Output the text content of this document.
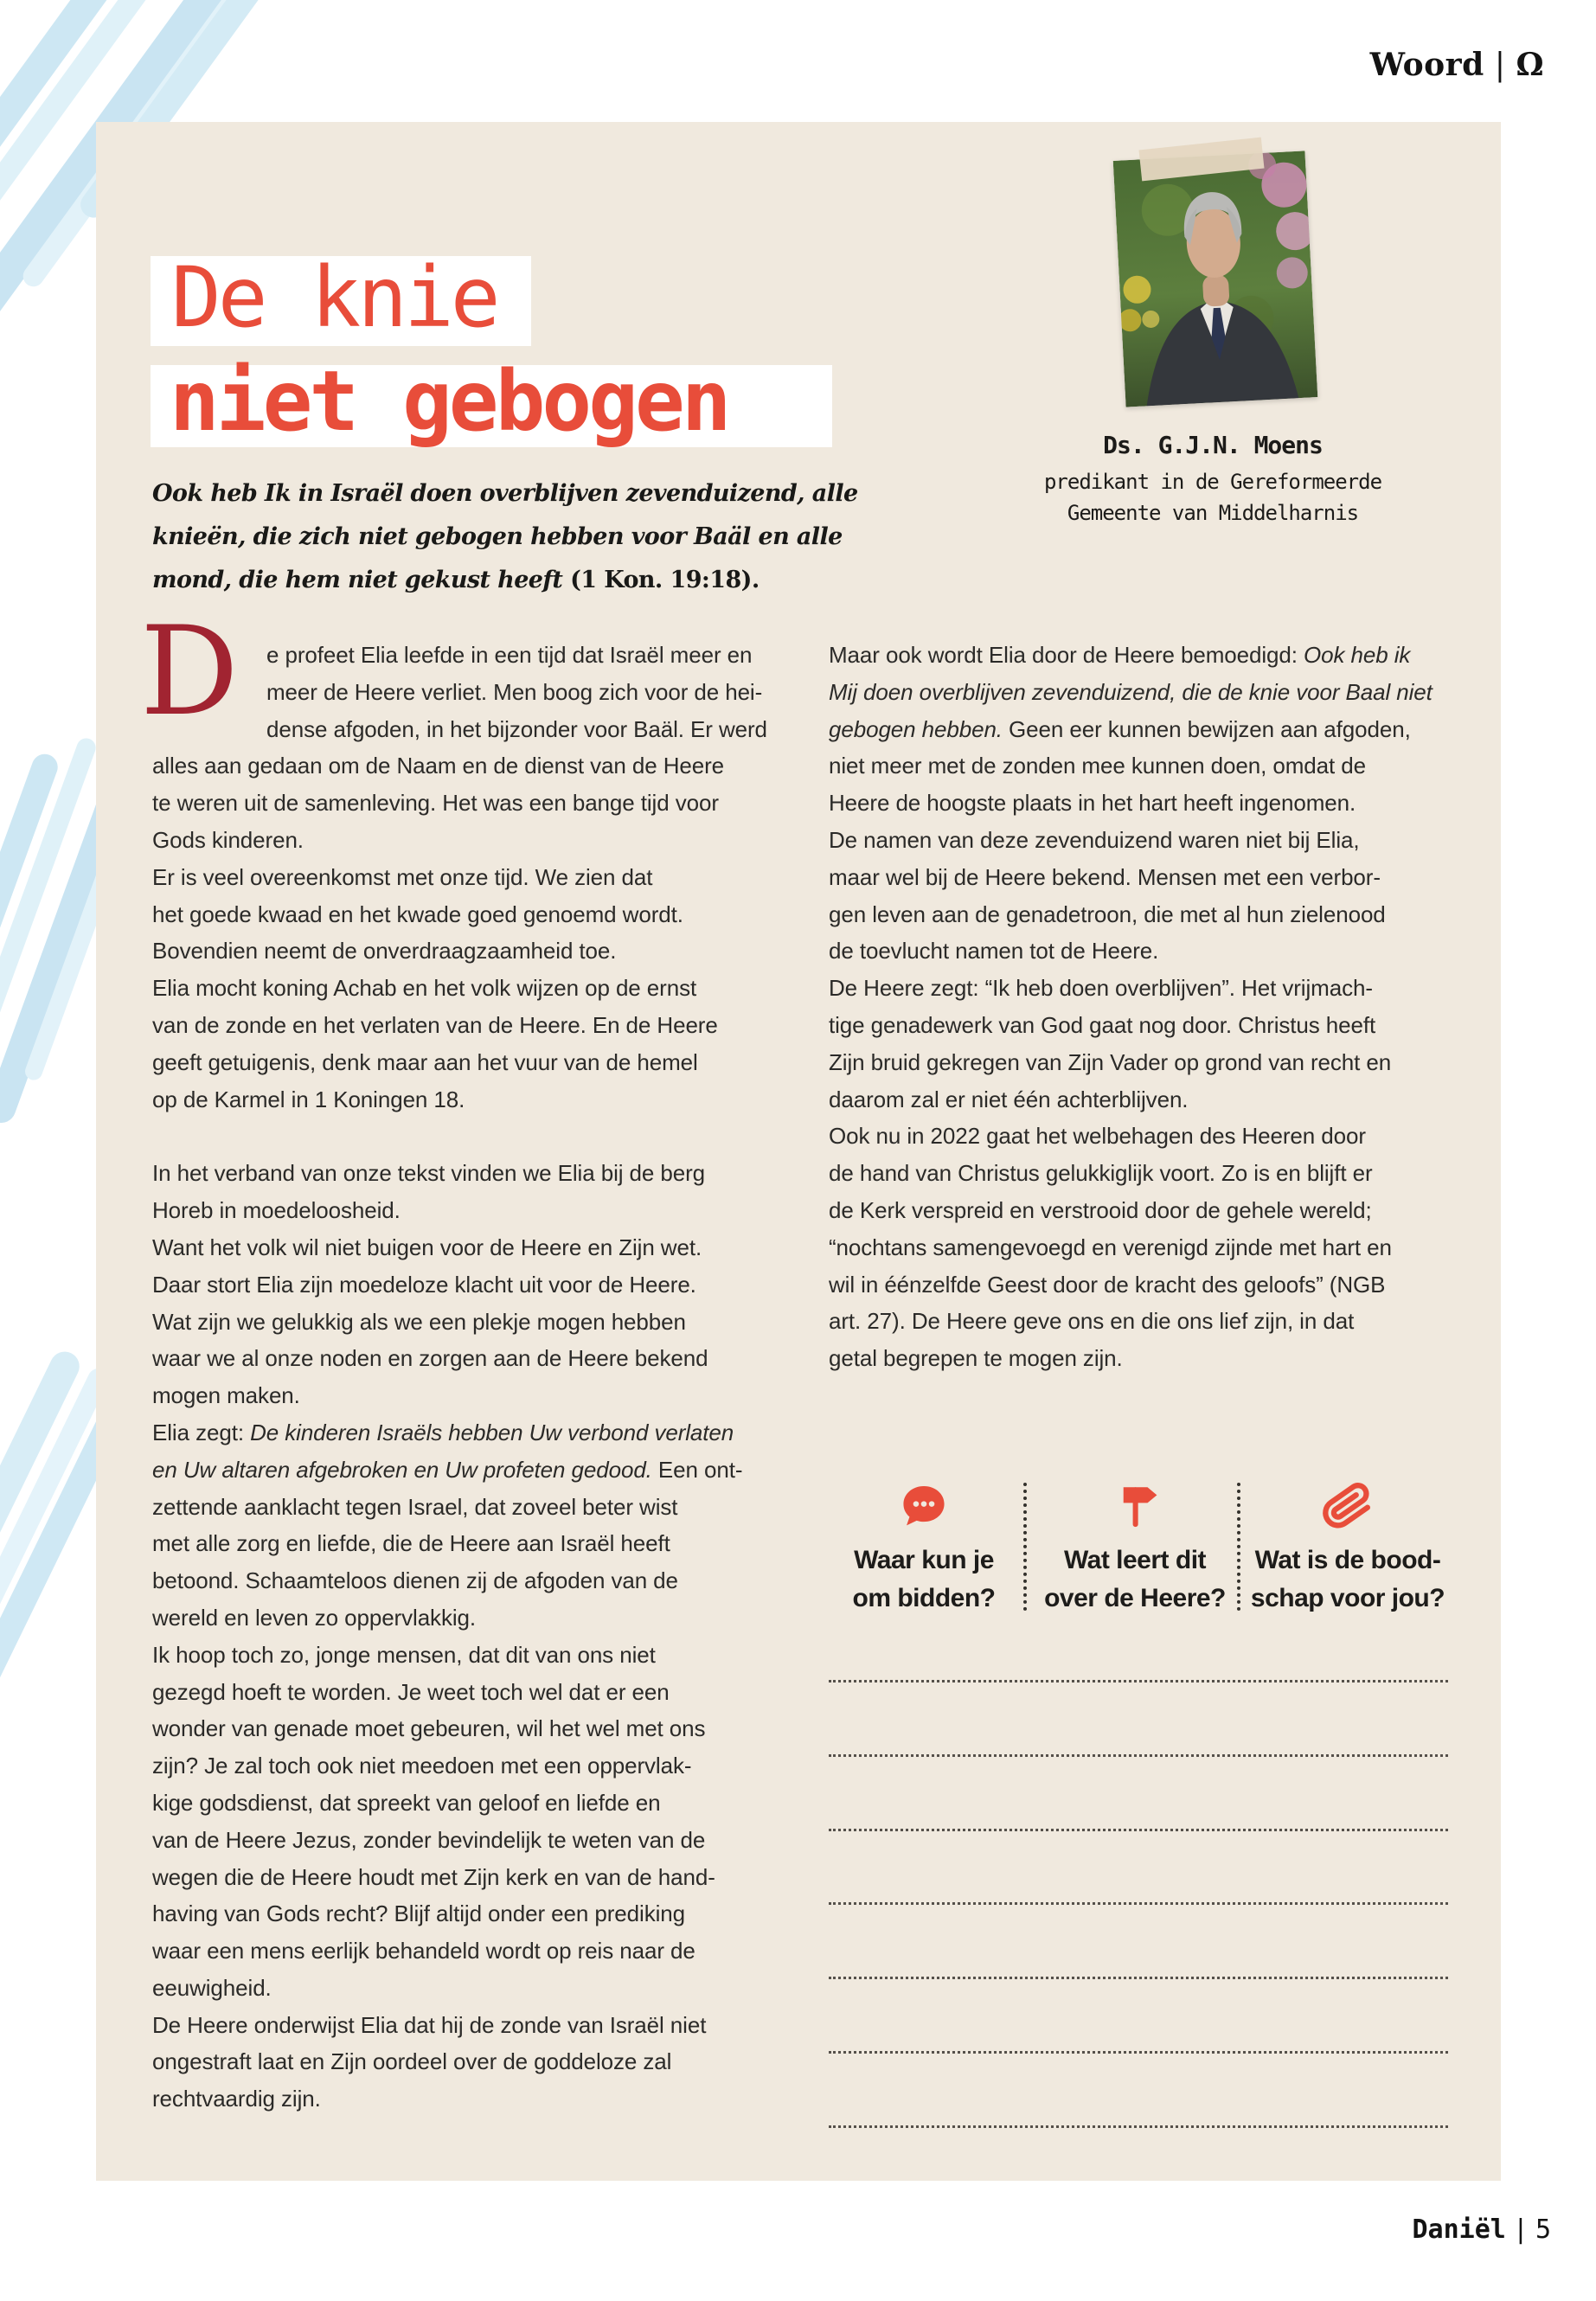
Woord | Ω
De knie
niet gebogen
Ook heb Ik in Israël doen overblijven zevenduizend, alle
knieën, die zich niet gebogen hebben voor Baäl en alle
mond, die hem niet gekust heeft (1 Kon. 19:18).
Ds. G.J.N. Moens
predikant in de Gereformeerde
Gemeente van Middelharnis
D e profeet Elia leefde in een tijd dat Israël meer en
meer de Heere verliet. Men boog zich voor de hei-
dense afgoden, in het bijzonder voor Baäl. Er werd
alles aan gedaan om de Naam en de dienst van de Heere
te weren uit de samenleving. Het was een bange tijd voor
Gods kinderen.
Er is veel overeenkomst met onze tijd. We zien dat
het goede kwaad en het kwade goed genoemd wordt.
Bovendien neemt de onverdraagzaamheid toe.
Elia mocht koning Achab en het volk wijzen op de ernst
van de zonde en het verlaten van de Heere. En de Heere
geeft getuigenis, denk maar aan het vuur van de hemel
op de Karmel in 1 Koningen 18.
In het verband van onze tekst vinden we Elia bij de berg
Horeb in moedeloosheid.
Want het volk wil niet buigen voor de Heere en Zijn wet.
Daar stort Elia zijn moedeloze klacht uit voor de Heere.
Wat zijn we gelukkig als we een plekje mogen hebben
waar we al onze noden en zorgen aan de Heere bekend
mogen maken.
Elia zegt: De kinderen Israëls hebben Uw verbond verlaten
en Uw altaren afgebroken en Uw profeten gedood. Een ont-
zettende aanklacht tegen Israel, dat zoveel beter wist
met alle zorg en liefde, die de Heere aan Israël heeft
betoond. Schaamteloos dienen zij de afgoden van de
wereld en leven zo oppervlakkig.
Ik hoop toch zo, jonge mensen, dat dit van ons niet
gezegd hoeft te worden. Je weet toch wel dat er een
wonder van genade moet gebeuren, wil het wel met ons
zijn? Je zal toch ook niet meedoen met een oppervlak-
kige godsdienst, dat spreekt van geloof en liefde en
van de Heere Jezus, zonder bevindelijk te weten van de
wegen die de Heere houdt met Zijn kerk en van de hand-
having van Gods recht? Blijf altijd onder een prediking
waar een mens eerlijk behandeld wordt op reis naar de
eeuwigheid.
De Heere onderwijst Elia dat hij de zonde van Israël niet
ongestraft laat en Zijn oordeel over de goddeloze zal
rechtvaardig zijn.
Maar ook wordt Elia door de Heere bemoedigd: Ook heb ik
Mij doen overblijven zevenduizend, die de knie voor Baal niet
gebogen hebben. Geen eer kunnen bewijzen aan afgoden,
niet meer met de zonden mee kunnen doen, omdat de
Heere de hoogste plaats in het hart heeft ingenomen.
De namen van deze zevenduizend waren niet bij Elia,
maar wel bij de Heere bekend. Mensen met een verbor-
gen leven aan de genadetroon, die met al hun zielenood
de toevlucht namen tot de Heere.
De Heere zegt: “Ik heb doen overblijven”. Het vrijmach-
tige genadewerk van God gaat nog door. Christus heeft
Zijn bruid gekregen van Zijn Vader op grond van recht en
daarom zal er niet één achterblijven.
Ook nu in 2022 gaat het welbehagen des Heeren door
de hand van Christus gelukkiglijk voort. Zo is en blijft er
de Kerk verspreid en verstrooid door de gehele wereld;
“nochtans samengevoegd en verenigd zijnde met hart en
wil in éénzelfde Geest door de kracht des geloofs” (NGB
art. 27). De Heere geve ons en die ons lief zijn, in dat
getal begrepen te mogen zijn.
Waar kun je
om bidden?
Wat leert dit
over de Heere?
Wat is de bood-
schap voor jou?
Daniël | 5
